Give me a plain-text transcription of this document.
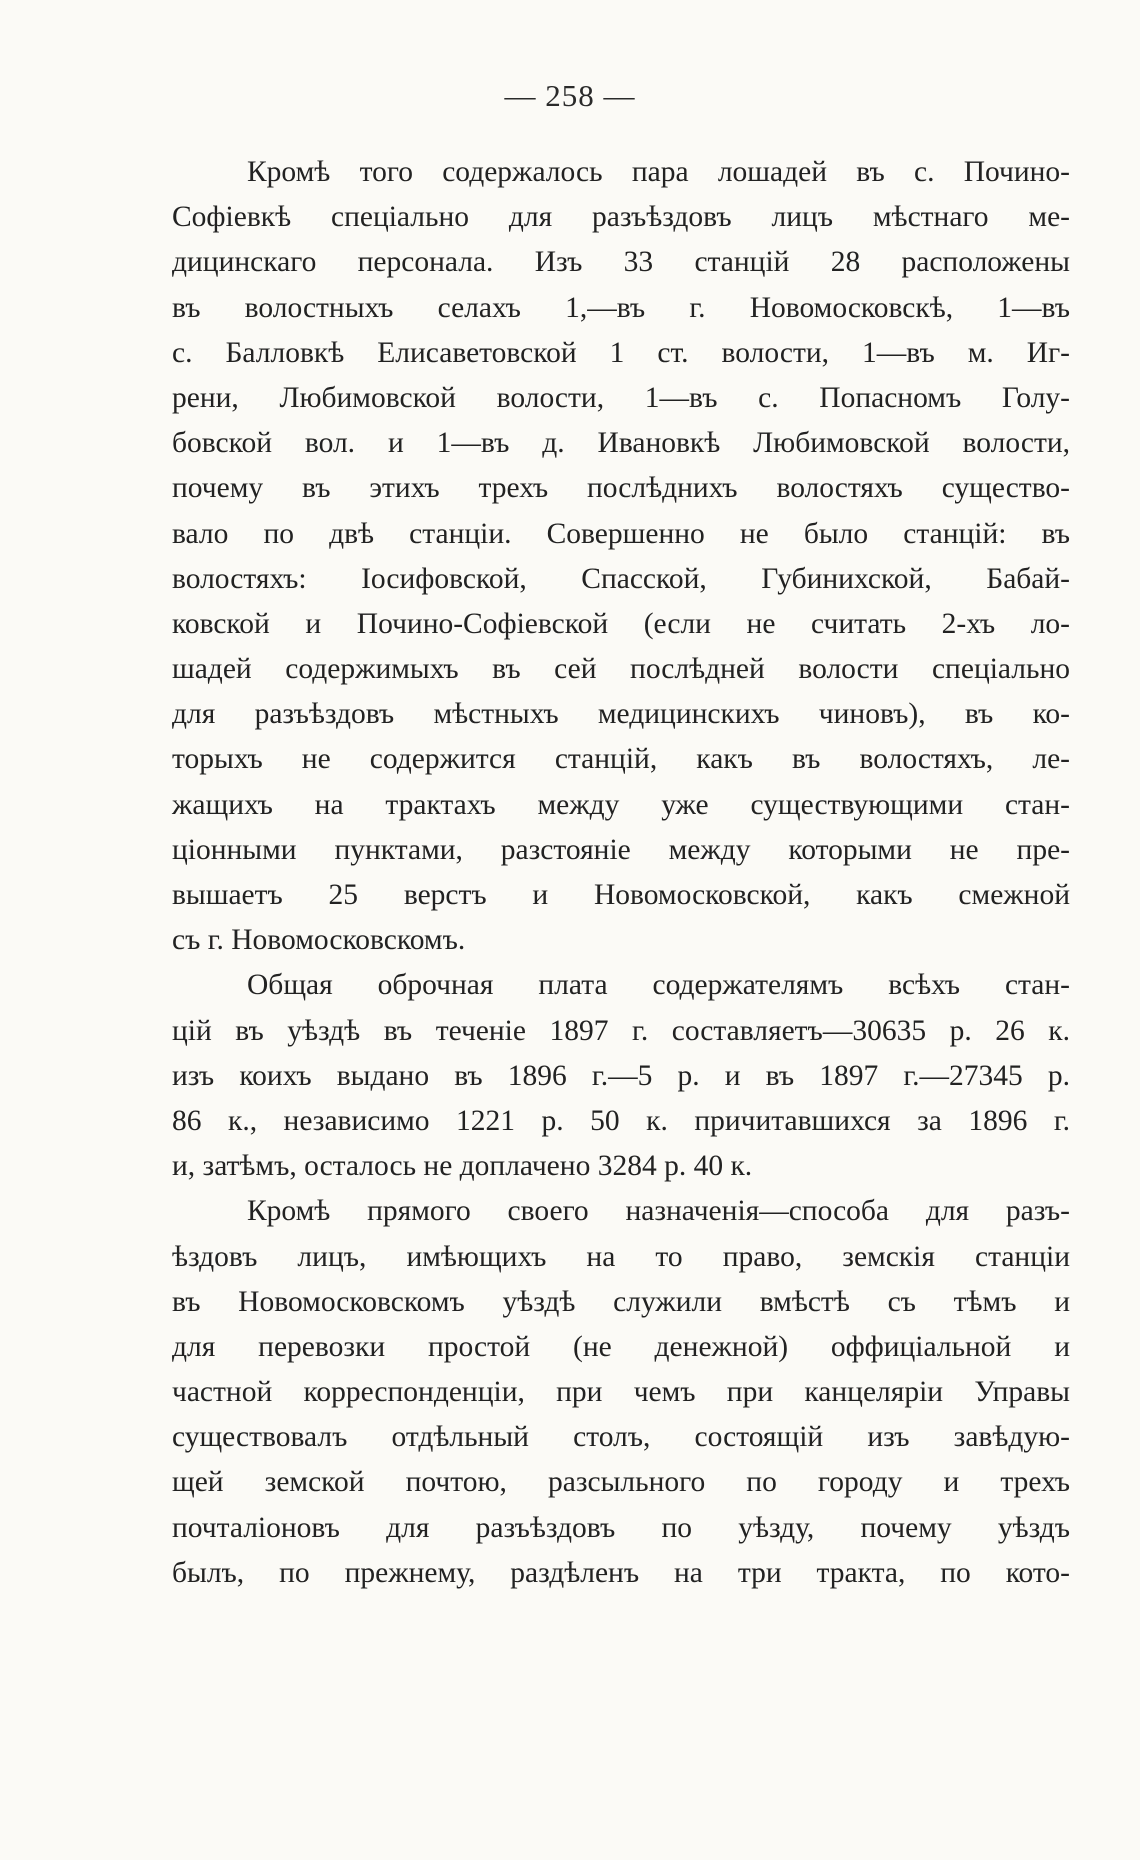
— 258 —
Кромѣ того содержалось пара лошадей въ с. Почино-
Софіевкѣ спеціально для разъѣздовъ лицъ мѣстнаго ме-
дицинскаго персонала. Изъ 33 станцій 28 расположены
въ волостныхъ селахъ 1,—въ г. Новомосковскѣ, 1—въ
с. Балловкѣ Елисаветовской 1 ст. волости, 1—въ м. Иг-
рени, Любимовской волости, 1—въ с. Попасномъ Голу-
бовской вол. и 1—въ д. Ивановкѣ Любимовской волости,
почему въ этихъ трехъ послѣднихъ волостяхъ существо-
вало по двѣ станціи. Совершенно не было станцій: въ
волостяхъ: Іосифовской, Спасской, Губинихской, Бабай-
ковской и Почино-Софіевской (если не считать 2-хъ ло-
шадей содержимыхъ въ сей послѣдней волости спеціально
для разъѣздовъ мѣстныхъ медицинскихъ чиновъ), въ ко-
торыхъ не содержится станцій, какъ въ волостяхъ, ле-
жащихъ на трактахъ между уже существующими стан-
ціонными пунктами, разстояніе между которыми не пре-
вышаетъ 25 верстъ и Новомосковской, какъ смежной
съ г. Новомосковскомъ.
Общая оброчная плата содержателямъ всѣхъ стан-
цій въ уѣздѣ въ теченіе 1897 г. составляетъ—30635 р. 26 к.
изъ коихъ выдано въ 1896 г.—5 р. и въ 1897 г.—27345 р.
86 к., независимо 1221 р. 50 к. причитавшихся за 1896 г.
и, затѣмъ, осталось не доплачено 3284 р. 40 к.
Кромѣ прямого своего назначенія—способа для разъ-
ѣздовъ лицъ, имѣющихъ на то право, земскія станціи
въ Новомосковскомъ уѣздѣ служили вмѣстѣ съ тѣмъ и
для перевозки простой (не денежной) оффиціальной и
частной корреспонденціи, при чемъ при канцеляріи Управы
существовалъ отдѣльный столъ, состоящій изъ завѣдую-
щей земской почтою, разсыльного по городу и трехъ
почталіоновъ для разъѣздовъ по уѣзду, почему уѣздъ
былъ, по прежнему, раздѣленъ на три тракта, по кото-
